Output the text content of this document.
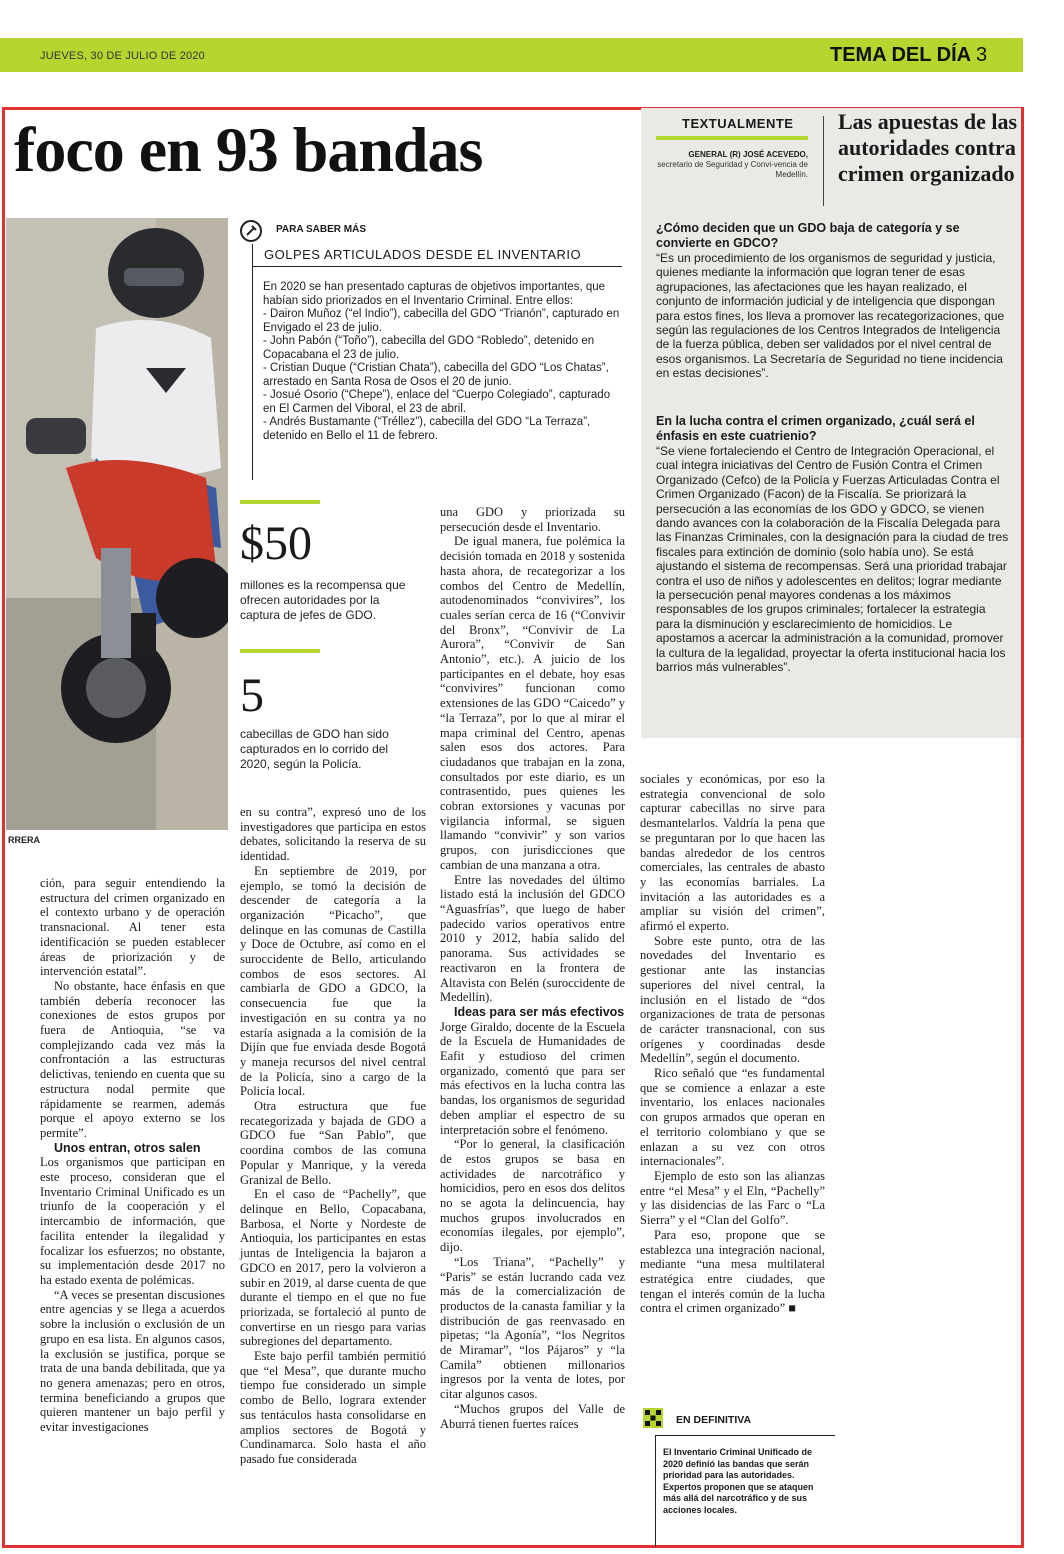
JUEVES, 30 DE JULIO DE 2020	TEMA DEL DÍA 3
foco en 93 bandas
RRERA
TEXTUALMENTE
GENERAL (R) JOSÉ ACEVEDO,
secretario de Seguridad y Convi-vencia de Medellín.
Las apuestas de las autoridades contra crimen organizado
¿Cómo deciden que un GDO baja de categoría y se convierte en GDCO?
“Es un procedimiento de los organismos de seguridad y justicia, quienes mediante la información que logran tener de esas agrupaciones, las afectaciones que les hayan realizado, el conjunto de información judicial y de inteligencia que dispongan para estos fines, los lleva a promover las recategorizaciones, que según las regulaciones de los Centros Integrados de Inteligencia de la fuerza pública, deben ser validados por el nivel central de esos organismos. La Secretaría de Seguridad no tiene incidencia en estas decisiones”.
En la lucha contra el crimen organizado, ¿cuál será el énfasis en este cuatrienio?
“Se viene fortaleciendo el Centro de Integración Operacional, el cual integra iniciativas del Centro de Fusión Contra el Crimen Organizado (Cefco) de la Policía y Fuerzas Articuladas Contra el Crimen Organizado (Facon) de la Fiscalía. Se priorizará la persecución a las economías de los GDO y GDCO, se vienen dando avances con la colaboración de la Fiscalía Delegada para las Finanzas Criminales, con la designación para la ciudad de tres fiscales para extinción de dominio (solo había uno). Se está ajustando el sistema de recompensas. Será una prioridad trabajar contra el uso de niños y adolescentes en delitos; lograr mediante la persecución penal mayores condenas a los máximos responsables de los grupos criminales; fortalecer la estrategia para la disminución y esclarecimiento de homicidios. Le apostamos a acercar la administración a la comunidad, promover la cultura de la legalidad, proyectar la oferta institucional hacia los barrios más vulnerables”.
PARA SABER MÁS
GOLPES ARTICULADOS DESDE EL INVENTARIO
En 2020 se han presentado capturas de objetivos importantes, que habían sido priorizados en el Inventario Criminal. Entre ellos:
- Dairon Muñoz (“el Indio”), cabecilla del GDO “Trianón”, capturado en Envigado el 23 de julio.
- John Pabón (“Toño”), cabecilla del GDO “Robledo”, detenido en Copacabana el 23 de julio.
- Cristian Duque (“Cristian Chata”), cabecilla del GDO “Los Chatas”, arrestado en Santa Rosa de Osos el 20 de junio.
- Josué Osorio (“Chepe”), enlace del “Cuerpo Colegiado”, capturado en El Carmen del Viboral, el 23 de abril.
- Andrés Bustamante (“Tréllez”), cabecilla del GDO “La Terraza”, detenido en Bello el 11 de febrero.
$50
millones es la recompensa que ofrecen autoridades por la captura de jefes de GDO.
5
cabecillas de GDO han sido capturados en lo corrido del 2020, según la Policía.

ción, para seguir entendiendo la estructura del crimen organizado en el contexto urbano y de operación transnacional. Al tener esta identificación se pueden establecer áreas de priorización y de intervención estatal”.

No obstante, hace énfasis en que también debería reconocer las conexiones de estos grupos por fuera de Antioquia, “se va complejizando cada vez más la confrontación a las estructuras delictivas, teniendo en cuenta que su estructura nodal permite que rápidamente se rearmen, además porque el apoyo externo se los permite”.

Unos entran, otros salen

Los organismos que participan en este proceso, consideran que el Inventario Criminal Unificado es un triunfo de la cooperación y el intercambio de información, que facilita entender la ilegalidad y focalizar los esfuerzos; no obstante, su implementación desde 2017 no ha estado exenta de polémicas.

“A veces se presentan discusiones entre agencias y se llega a acuerdos sobre la inclusión o exclusión de un grupo en esa lista. En algunos casos, la exclusión se justifica, porque se trata de una banda debilitada, que ya no genera amenazas; pero en otros, termina beneficiando a grupos que quieren mantener un bajo perfil y evitar investigaciones

en su contra”, expresó uno de los investigadores que participa en estos debates, solicitando la reserva de su identidad.

En septiembre de 2019, por ejemplo, se tomó la decisión de descender de categoría a la organización “Picacho”, que delinque en las comunas de Castilla y Doce de Octubre, así como en el suroccidente de Bello, articulando combos de esos sectores. Al cambiarla de GDO a GDCO, la consecuencia fue que la investigación en su contra ya no estaría asignada a la comisión de la Dijín que fue enviada desde Bogotá y maneja recursos del nivel central de la Policía, sino a cargo de la Policía local.

Otra estructura que fue recategorizada y bajada de GDO a GDCO fue “San Pablo”, que coordina combos de las comuna Popular y Manrique, y la vereda Granizal de Bello.

En el caso de “Pachelly”, que delinque en Bello, Copacabana, Barbosa, el Norte y Nordeste de Antioquia, los participantes en estas juntas de Inteligencia la bajaron a GDCO en 2017, pero la volvieron a subir en 2019, al darse cuenta de que durante el tiempo en el que no fue priorizada, se fortaleció al punto de convertirse en un riesgo para varias subregiones del departamento.

Este bajo perfil también permitió que “el Mesa”, que durante mucho tiempo fue considerado un simple combo de Bello, lograra extender sus tentáculos hasta consolidarse en amplios sectores de Bogotá y Cundinamarca. Solo hasta el año pasado fue considerada

una GDO y priorizada su persecución desde el Inventario.

De igual manera, fue polémica la decisión tomada en 2018 y sostenida hasta ahora, de recategorizar a los combos del Centro de Medellín, autodenominados “convivires”, los cuales serían cerca de 16 (“Convivir del Bronx”, “Convivir de La Aurora”, “Convivir de San Antonio”, etc.). A juicio de los participantes en el debate, hoy esas “convivires” funcionan como extensiones de las GDO “Caicedo” y “la Terraza”, por lo que al mirar el mapa criminal del Centro, apenas salen esos dos actores. Para ciudadanos que trabajan en la zona, consultados por este diario, es un contrasentido, pues quienes les cobran extorsiones y vacunas por vigilancia informal, se siguen llamando “convivir” y son varios grupos, con jurisdicciones que cambian de una manzana a otra.

Entre las novedades del último listado está la inclusión del GDCO “Aguasfrías”, que luego de haber padecido varios operativos entre 2010 y 2012, había salido del panorama. Sus actividades se reactivaron en la frontera de Altavista con Belén (suroccidente de Medellín).

Ideas para ser más efectivos

Jorge Giraldo, docente de la Escuela de la Escuela de Humanidades de Eafit y estudioso del crimen organizado, comentó que para ser más efectivos en la lucha contra las bandas, los organismos de seguridad deben ampliar el espectro de su interpretación sobre el fenómeno.

“Por lo general, la clasificación de estos grupos se basa en actividades de narcotráfico y homicidios, pero en esos dos delitos no se agota la delincuencia, hay muchos grupos involucrados en economías ilegales, por ejemplo”, dijo.

“Los Triana”, “Pachelly” y “Paris” se están lucrando cada vez más de la comercialización de productos de la canasta familiar y la distribución de gas reenvasado en pipetas; “la Agonía”, “los Negritos de Miramar”, “los Pájaros” y “la Camila” obtienen millonarios ingresos por la venta de lotes, por citar algunos casos.

“Muchos grupos del Valle de Aburrá tienen fuertes raíces

sociales y económicas, por eso la estrategia convencional de solo capturar cabecillas no sirve para desmantelarlos. Valdría la pena que se preguntaran por lo que hacen las bandas alrededor de los centros comerciales, las centrales de abasto y las economías barriales. La invitación a las autoridades es a ampliar su visión del crimen”, afirmó el experto.

Sobre este punto, otra de las novedades del Inventario es gestionar ante las instancias superiores del nivel central, la inclusión en el listado de “dos organizaciones de trata de personas de carácter transnacional, con sus orígenes y coordinadas desde Medellín”, según el documento.

Rico señaló que “es fundamental que se comience a enlazar a este inventario, los enlaces nacionales con grupos armados que operan en el territorio colombiano y que se enlazan a su vez con otros internacionales”.

Ejemplo de esto son las alianzas entre “el Mesa” y el Eln, “Pachelly” y las disidencias de las Farc o “La Sierra” y el “Clan del Golfo”.

Para eso, propone que se establezca una integración nacional, mediante “una mesa multilateral estratégica entre ciudades, que tengan el interés común de la lucha contra el crimen organizado” ■

EN DEFINITIVA
El Inventario Criminal Unificado de 2020 definió las bandas que serán prioridad para las autoridades. Expertos proponen que se ataquen más allá del narcotráfico y de sus acciones locales.
